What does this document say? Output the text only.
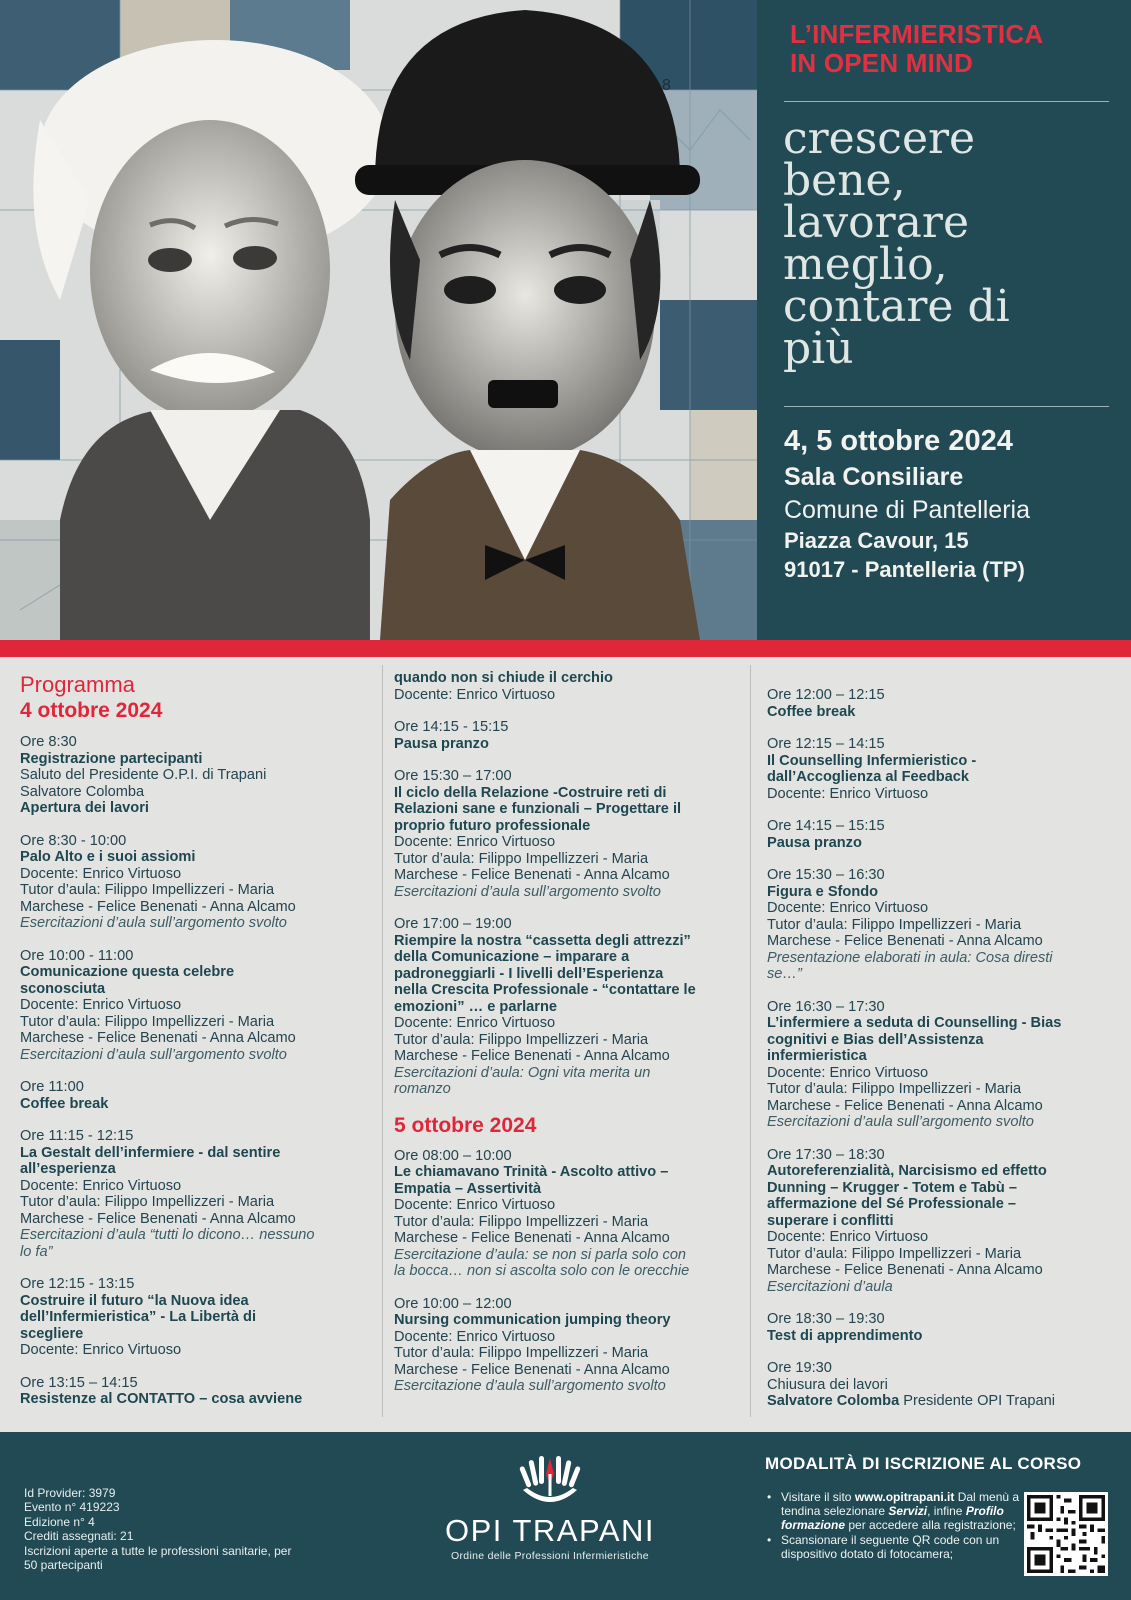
8
L’INFERMIERISTICA
IN OPEN MIND
crescere
bene,
lavorare
meglio,
contare di
più
4, 5 ottobre 2024
Sala Consiliare
Comune di Pantelleria
Piazza Cavour, 15
91017 - Pantelleria (TP)
Programma
4 ottobre 2024
Ore 8:30
Registrazione partecipanti
Saluto del Presidente O.P.I. di Trapani
Salvatore Colomba
Apertura dei lavori
Ore 8:30 - 10:00
Palo Alto e i suoi assiomi
Docente: Enrico Virtuoso
Tutor d’aula: Filippo Impellizzeri - Maria
Marchese - Felice Benenati - Anna Alcamo
Esercitazioni d’aula sull’argomento svolto
Ore 10:00 - 11:00
Comunicazione questa celebre
sconosciuta
Docente: Enrico Virtuoso
Tutor d’aula: Filippo Impellizzeri - Maria
Marchese - Felice Benenati - Anna Alcamo
Esercitazioni d’aula sull’argomento svolto
Ore 11:00
Coffee break
Ore 11:15 - 12:15
La Gestalt dell’infermiere - dal sentire
all’esperienza
Docente: Enrico Virtuoso
Tutor d’aula: Filippo Impellizzeri - Maria
Marchese - Felice Benenati - Anna Alcamo
Esercitazioni d’aula “tutti lo dicono… nessuno
lo fa”
Ore 12:15 - 13:15
Costruire il futuro “la Nuova idea
dell’Infermieristica” - La Libertà di
scegliere
Docente: Enrico Virtuoso
Ore 13:15 – 14:15
Resistenze al CONTATTO – cosa avviene
quando non si chiude il cerchio
Docente: Enrico Virtuoso
Ore 14:15 - 15:15
Pausa pranzo
Ore 15:30 – 17:00
Il ciclo della Relazione -Costruire reti di
Relazioni sane e funzionali – Progettare il
proprio futuro professionale
Docente: Enrico Virtuoso
Tutor d’aula: Filippo Impellizzeri - Maria
Marchese - Felice Benenati - Anna Alcamo
Esercitazioni d’aula sull’argomento svolto
Ore 17:00 – 19:00
Riempire la nostra “cassetta degli attrezzi”
della Comunicazione – imparare a
padroneggiarli - I livelli dell’Esperienza
nella Crescita Professionale - “contattare le
emozioni” … e parlarne
Docente: Enrico Virtuoso
Tutor d’aula: Filippo Impellizzeri - Maria
Marchese - Felice Benenati - Anna Alcamo
Esercitazioni d’aula: Ogni vita merita un
romanzo
5 ottobre 2024
Ore 08:00 – 10:00
Le chiamavano Trinità - Ascolto attivo –
Empatia – Assertività
Docente: Enrico Virtuoso
Tutor d’aula: Filippo Impellizzeri - Maria
Marchese - Felice Benenati - Anna Alcamo
Esercitazione d’aula: se non si parla solo con
la bocca… non si ascolta solo con le orecchie
Ore 10:00 – 12:00
Nursing communication jumping theory
Docente: Enrico Virtuoso
Tutor d’aula: Filippo Impellizzeri - Maria
Marchese - Felice Benenati - Anna Alcamo
Esercitazione d’aula sull’argomento svolto
Ore 12:00 – 12:15
Coffee break
Ore 12:15 – 14:15
Il Counselling Infermieristico -
dall’Accoglienza al Feedback
Docente: Enrico Virtuoso
Ore 14:15 – 15:15
Pausa pranzo
Ore 15:30 – 16:30
Figura e Sfondo
Docente: Enrico Virtuoso
Tutor d’aula: Filippo Impellizzeri - Maria
Marchese - Felice Benenati - Anna Alcamo
Presentazione elaborati in aula: Cosa diresti
se…”
Ore 16:30 – 17:30
L’infermiere a seduta di Counselling - Bias
cognitivi e Bias dell’Assistenza
infermieristica
Docente: Enrico Virtuoso
Tutor d’aula: Filippo Impellizzeri - Maria
Marchese - Felice Benenati - Anna Alcamo
Esercitazioni d’aula sull’argomento svolto
Ore 17:30 – 18:30
Autoreferenzialità, Narcisismo ed effetto
Dunning – Krugger - Totem e Tabù –
affermazione del Sé Professionale –
superare i conflitti
Docente: Enrico Virtuoso
Tutor d’aula: Filippo Impellizzeri - Maria
Marchese - Felice Benenati - Anna Alcamo
Esercitazioni d’aula
Ore 18:30 – 19:30
Test di apprendimento
Ore 19:30
Chiusura dei lavori
Salvatore Colomba Presidente OPI Trapani
Id Provider: 3979
Evento n° 419223
Edizione n° 4
Crediti assegnati: 21
Iscrizioni aperte a tutte le professioni sanitarie, per
50 partecipanti
OPI TRAPANI
Ordine delle Professioni Infermieristiche
MODALITÀ DI ISCRIZIONE AL CORSO
• Visitare il sito www.opitrapani.it Dal menù a tendina selezionare Servizi, infine Profilo formazione per accedere alla registrazione;
• Scansionare il seguente QR code con un dispositivo dotato di fotocamera;
